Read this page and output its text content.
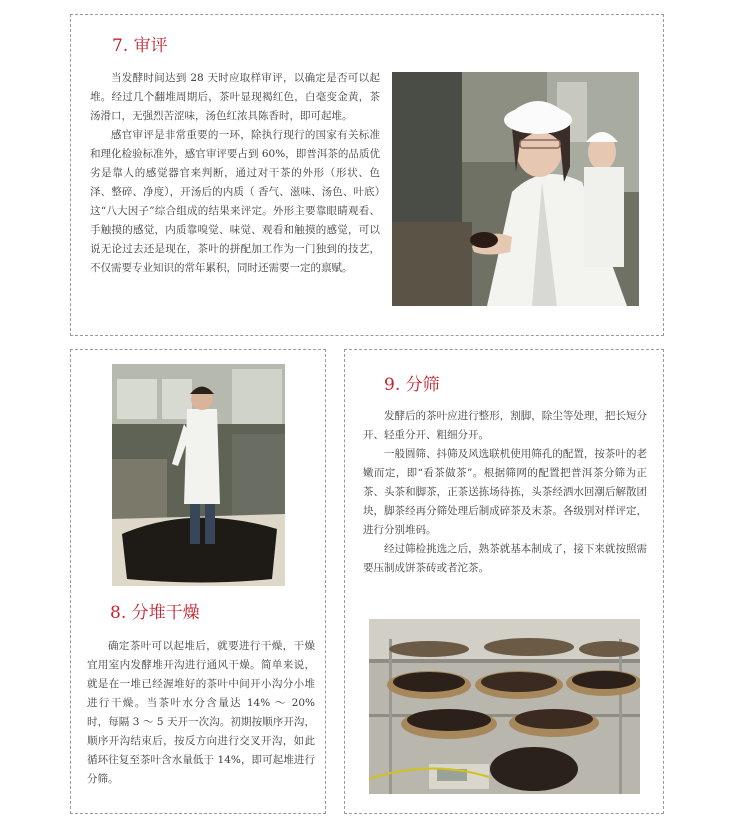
7. 审评

当发酵时间达到 28 天时应取样审评，以确定是否可以起堆。经过几个翻堆周期后，茶叶显现褐红色，白毫变金黄，茶汤滑口，无强烈苦涩味，汤色红浓具陈香时，即可起堆。

感官审评是非常重要的一环，除执行现行的国家有关标准和理化检验标准外，感官审评要占到 60%，即普洱茶的品质优劣是靠人的感觉器官来判断，通过对干茶的外形（形状、色泽、整碎、净度），开汤后的内质（ 香气、滋味、汤色、叶底）这“八大因子”综合组成的结果来评定。外形主要靠眼睛观看、手触摸的感觉，内质靠嗅觉、味觉、观看和触摸的感觉，可以说无论过去还是现在，茶叶的拼配加工作为一门独到的技艺，不仅需要专业知识的常年累积，同时还需要一定的禀赋。

8. 分堆干燥

确定茶叶可以起堆后，就要进行干燥，干燥宜用室内发酵堆开沟进行通风干燥。简单来说，就是在一堆已经渥堆好的茶叶中间开小沟分小堆进行干燥。当茶叶水分含量达 14% ～ 20% 时，每隔 3 ～ 5 天开一次沟。初期按顺序开沟，顺序开沟结束后，按反方向进行交叉开沟，如此循环往复至茶叶含水量低于 14%，即可起堆进行分筛。

9. 分筛

发酵后的茶叶应进行整形，割脚，除尘等处理，把长短分开、轻重分开、粗细分开。

一般圆筛、抖筛及风选联机使用筛孔的配置，按茶叶的老嫩而定，即“看茶做茶”。根据筛网的配置把普洱茶分筛为正茶、头茶和脚茶，正茶送拣场待拣，头茶经洒水回潮后解散团块，脚茶经再分筛处理后制成碎茶及末茶。各级别对样评定，进行分别堆码。

经过筛检挑选之后，熟茶就基本制成了，接下来就按照需要压制成饼茶砖或者沱茶。
